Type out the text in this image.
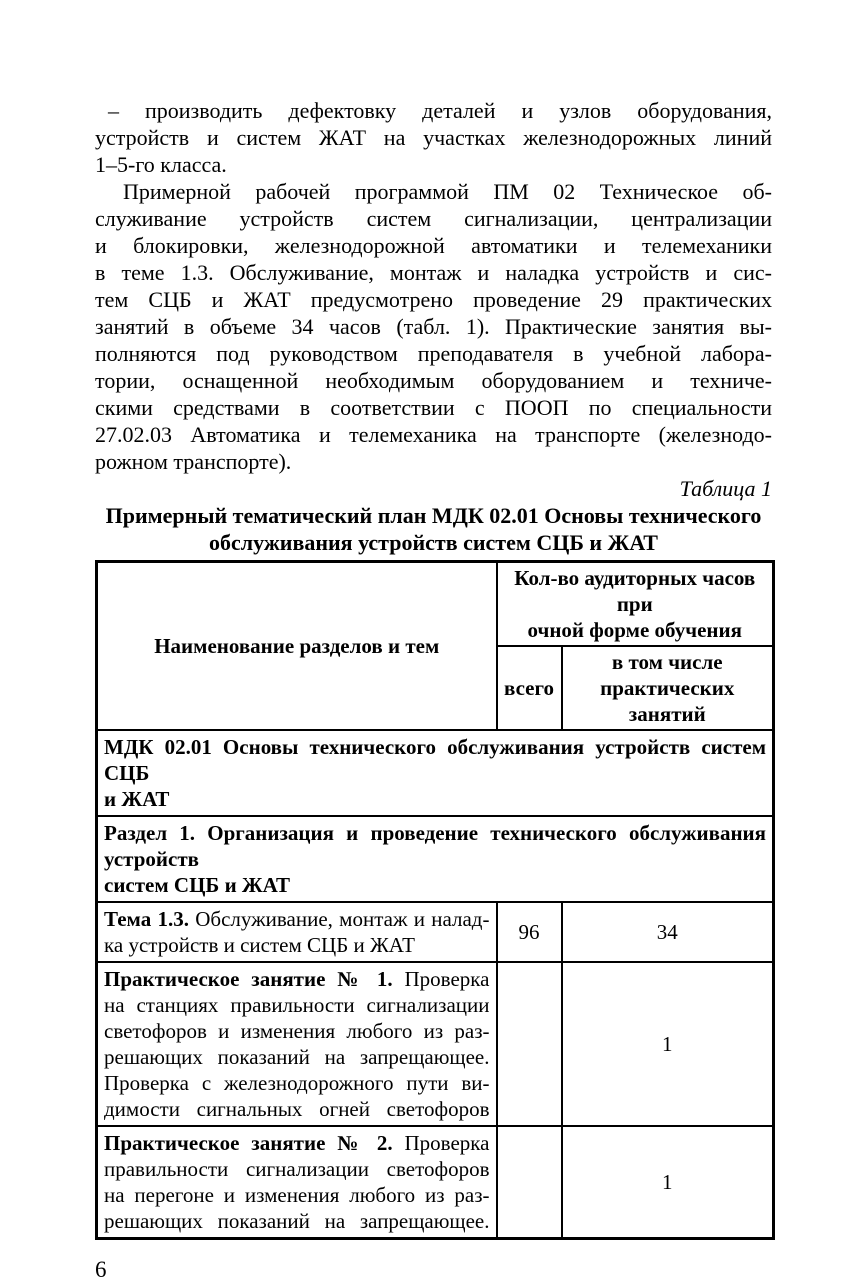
– производить дефектовку деталей и узлов оборудования,
устройств и систем ЖАТ на участках железнодорожных линий
1–5-го класса.
Примерной рабочей программой ПМ 02 Техническое об-
служивание устройств систем сигнализации, централизации
и блокировки, железнодорожной автоматики и телемеханики
в теме 1.3. Обслуживание, монтаж и наладка устройств и сис-
тем СЦБ и ЖАТ предусмотрено проведение 29 практических
занятий в объеме 34 часов (табл. 1). Практические занятия вы-
полняются под руководством преподавателя в учебной лабора-
тории, оснащенной необходимым оборудованием и техниче-
скими средствами в соответствии с ПООП по специальности
27.02.03 Автоматика и телемеханика на транспорте (железнодо-
рожном транспорте).
Таблица 1
Примерный тематический план МДК 02.01 Основы технического
обслуживания устройств систем СЦБ и ЖАТ
Наименование разделов и тем	Кол-во аудиторных часов при
очной форме обучения	

	всего	в том числе
практических занятий

МДК 02.01 Основы технического обслуживания устройств систем СЦБ
и ЖАТ		

Раздел 1. Организация и проведение технического обслуживания устройств
систем СЦБ и ЖАТ		

Тема 1.3. Обслуживание, монтаж и налад-
ка устройств и систем СЦБ и ЖАТ	96	34

Практическое занятие № 1. Проверка
на станциях правильности сигнализации
светофоров и изменения любого из раз-
решающих показаний на запрещающее.
Проверка с железнодорожного пути ви-
димости сигнальных огней светофоров
		1

Практическое занятие № 2. Проверка
правильности сигнализации светофоров
на перегоне и изменения любого из раз-
решающих показаний на запрещающее.		1
6
